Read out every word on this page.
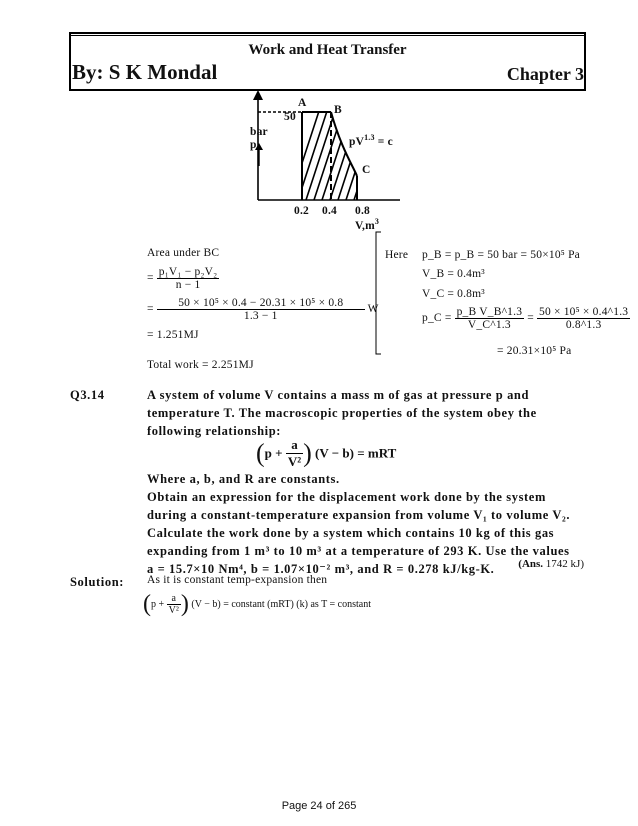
Work and Heat Transfer
By: S K Mondal	Chapter 3
A
B
C
50
bar
p	$pV^{1.3} = c$
0.2 0.4 0.8
$V,m^3$
Area under BC
= $\frac{\text{p₁V₁ − p₂V₂}}{n - 1}$
= $\frac{\text{50 × 10⁵ × 0.4 − 20.31 × 10⁵ × 0.8}}{1.3 - 1}$ W
= 1.251MJ
Total work = 2.251MJ
Here p_B = p_B = 50 bar = 50×10⁵ Pa
V_B = 0.4m³
V_C = 0.8m³
p_C = $\frac{\text{p\_B V\_B\textasciicircum{}1.3}}{V\_C\^{}1.3} = \frac{\text{50 × 10⁵ × 0.4\textasciicircum{}1.3}}{0.8\^{}1.3}$
= 20.31×10⁵ Pa
Q3.14	A system of volume V contains a mass m of gas at pressure p and
temperature T. The macroscopic properties of the system obey the
following relationship:
($p + \frac{a}{\text{V²}}$ ) (V − b) = mRT
Where a, b, and R are constants.
Obtain an expression for the displacement work done by the system
during a constant-temperature expansion from volume V₁ to volume V₂.
Calculate the work done by a system which contains 10 kg of this gas
expanding from 1 m³ to 10 m³ at a temperature of 293 K. Use the values
a = 15.7×10 Nm⁴, b = 1.07×10⁻² m³, and R = 0.278 kJ/kg-K.	(Ans. 1742 kJ)
Solution: As it is constant temp-expansion then
($p + \frac{a}{\text{V²}}$ ) (V − b) = constant (mRT) (k) as T = constant
Page 24 of 265
